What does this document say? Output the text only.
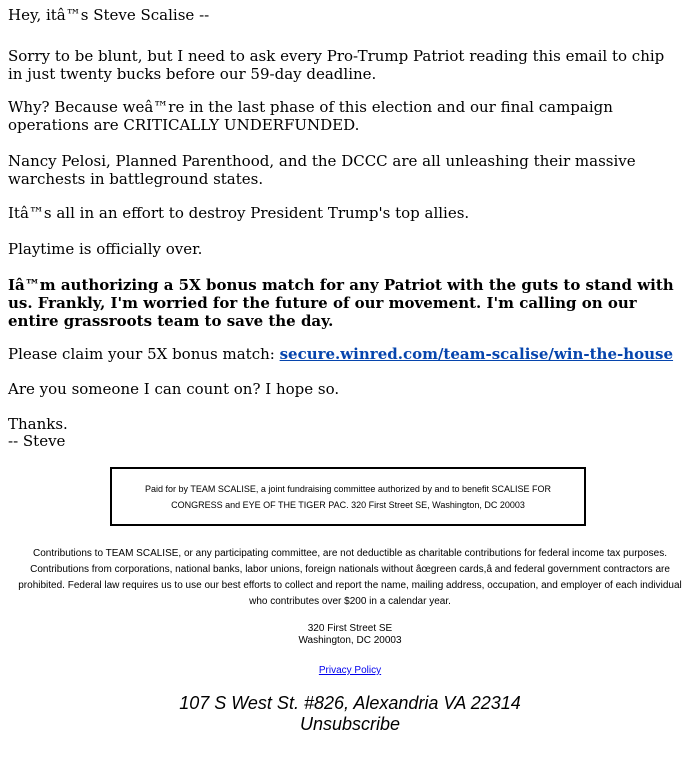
Hey, itâ™s Steve Scalise --

Sorry to be blunt, but I need to ask every Pro-Trump Patriot reading this email to chip in just twenty bucks before our 59-day deadline.

Why? Because weâ™re in the last phase of this election and our final campaign operations are CRITICALLY UNDERFUNDED.

Nancy Pelosi, Planned Parenthood, and the DCCC are all unleashing their massive warchests in battleground states.

Itâ™s all in an effort to destroy President Trump's top allies.

Playtime is officially over.

Iâ™m authorizing a 5X bonus match for any Patriot with the guts to stand with us. Frankly, I'm worried for the future of our movement. I'm calling on our entire grassroots team to save the day.

Please claim your 5X bonus match: secure.winred.com/team-scalise/win-the-house

Are you someone I can count on? I hope so.

Thanks.

-- Steve

Paid for by TEAM SCALISE, a joint fundraising committee authorized by and to benefit SCALISE FOR CONGRESS and EYE OF THE TIGER PAC. 320 First Street SE, Washington, DC 20003
Contributions to TEAM SCALISE, or any participating committee, are not deductible as charitable contributions for federal income tax purposes. Contributions from corporations, national banks, labor unions, foreign nationals without âœgreen cards,â and federal government contractors are prohibited. Federal law requires us to use our best efforts to collect and report the name, mailing address, occupation, and employer of each individual who contributes over $200 in a calendar year.
320 First Street SE
Washington, DC 20003
Privacy Policy
107 S West St. #826, Alexandria VA 22314
Unsubscribe
